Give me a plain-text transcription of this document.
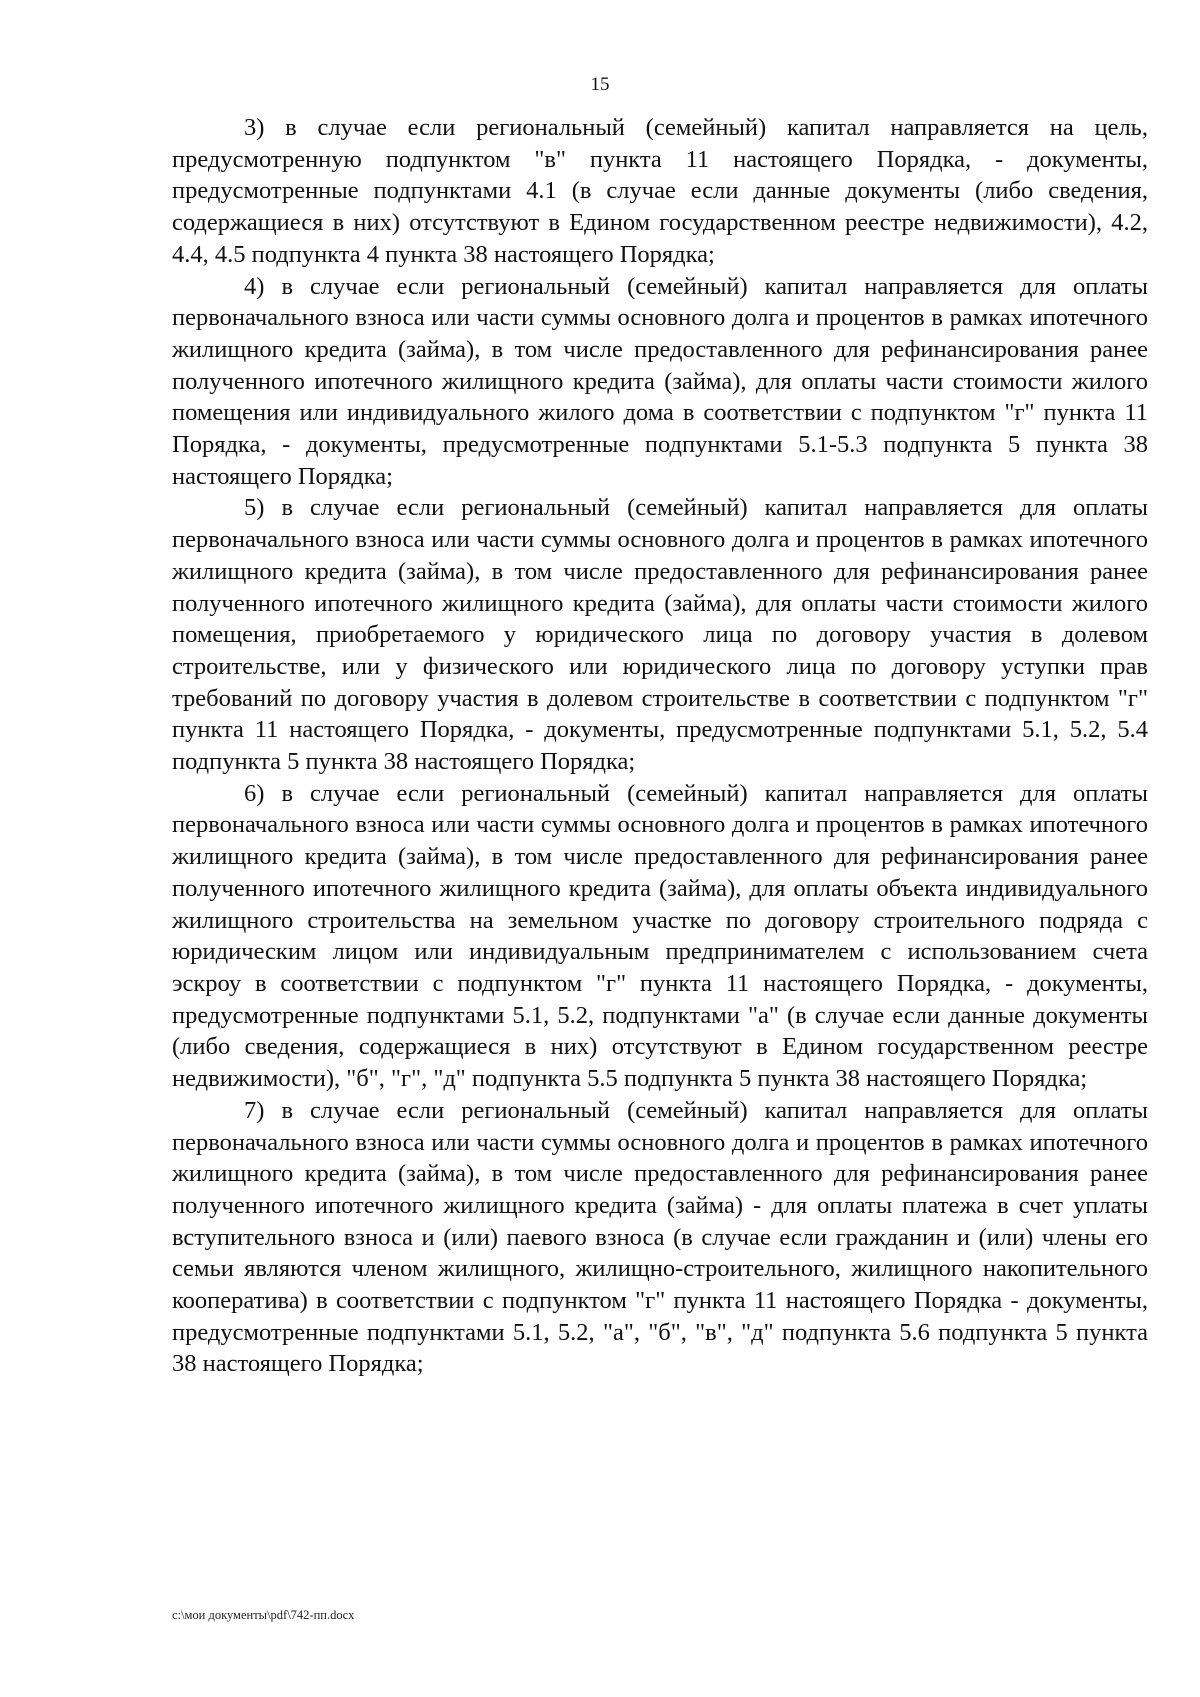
15

3) в случае если региональный (семейный) капитал направляется на цель, предусмотренную подпунктом "в" пункта 11 настоящего Порядка, - документы, предусмотренные подпунктами 4.1 (в случае если данные документы (либо сведения, содержащиеся в них) отсутствуют в Едином государственном реестре недвижимости), 4.2, 4.4, 4.5 подпункта 4 пункта 38 настоящего Порядка;

4) в случае если региональный (семейный) капитал направляется для оплаты первоначального взноса или части суммы основного долга и процентов в рамках ипотечного жилищного кредита (займа), в том числе предоставленного для рефинансирования ранее полученного ипотечного жилищного кредита (займа), для оплаты части стоимости жилого помещения или индивидуального жилого дома в соответствии с подпунктом "г" пункта 11 Порядка, - документы, предусмотренные подпунктами 5.1-5.3 подпункта 5 пункта 38 настоящего Порядка;

5) в случае если региональный (семейный) капитал направляется для оплаты первоначального взноса или части суммы основного долга и процентов в рамках ипотечного жилищного кредита (займа), в том числе предоставленного для рефинансирования ранее полученного ипотечного жилищного кредита (займа), для оплаты части стоимости жилого помещения, приобретаемого у юридического лица по договору участия в долевом строительстве, или у физического или юридического лица по договору уступки прав требований по договору участия в долевом строительстве в соответствии с подпунктом "г" пункта 11 настоящего Порядка, - документы, предусмотренные подпунктами 5.1, 5.2, 5.4 подпункта 5 пункта 38 настоящего Порядка;

6) в случае если региональный (семейный) капитал направляется для оплаты первоначального взноса или части суммы основного долга и процентов в рамках ипотечного жилищного кредита (займа), в том числе предоставленного для рефинансирования ранее полученного ипотечного жилищного кредита (займа), для оплаты объекта индивидуального жилищного строительства на земельном участке по договору строительного подряда с юридическим лицом или индивидуальным предпринимателем с использованием счета эскроу в соответствии с подпунктом "г" пункта 11 настоящего Порядка, - документы, предусмотренные подпунктами 5.1, 5.2, подпунктами "а" (в случае если данные документы (либо сведения, содержащиеся в них) отсутствуют в Едином государственном реестре недвижимости), "б", "г", "д" подпункта 5.5 подпункта 5 пункта 38 настоящего Порядка;

7) в случае если региональный (семейный) капитал направляется для оплаты первоначального взноса или части суммы основного долга и процентов в рамках ипотечного жилищного кредита (займа), в том числе предоставленного для рефинансирования ранее полученного ипотечного жилищного кредита (займа) - для оплаты платежа в счет уплаты вступительного взноса и (или) паевого взноса (в случае если гражданин и (или) члены его семьи являются членом жилищного, жилищно-строительного, жилищного накопительного кооператива) в соответствии с подпунктом "г" пункта 11 настоящего Порядка - документы, предусмотренные подпунктами 5.1, 5.2, "а", "б", "в", "д" подпункта 5.6 подпункта 5 пункта 38 настоящего Порядка;

c:\мои документы\pdf\742-пп.docx
